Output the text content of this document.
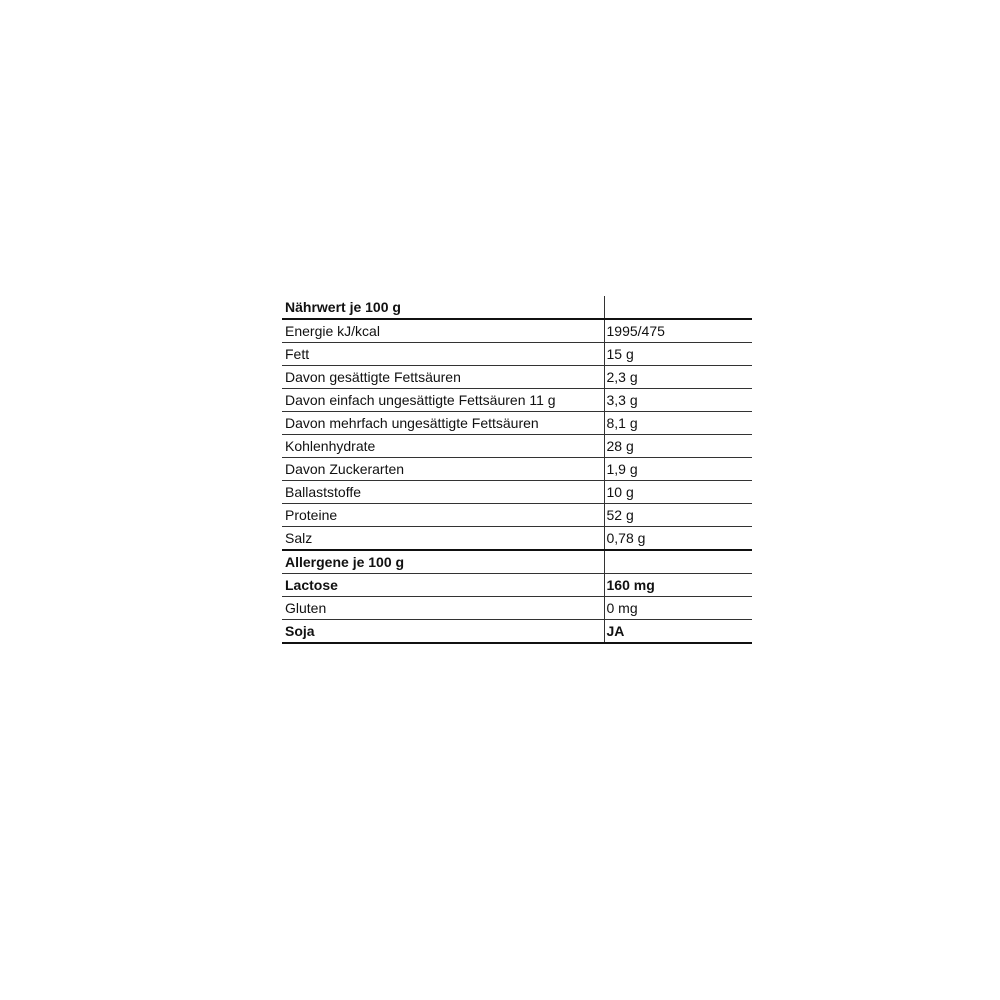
Nährwert je 100 g	
Energie kJ/kcal	1995/475
Fett	15 g
Davon gesättigte Fettsäuren	2,3 g
Davon einfach ungesättigte Fettsäuren 11 g	3,3 g
Davon mehrfach ungesättigte Fettsäuren	8,1 g
Kohlenhydrate	28 g
Davon Zuckerarten	1,9 g
Ballaststoffe	10 g
Proteine	52 g
Salz	0,78 g
Allergene je 100 g	
Lactose	160 mg
Gluten	0 mg
Soja	JA
